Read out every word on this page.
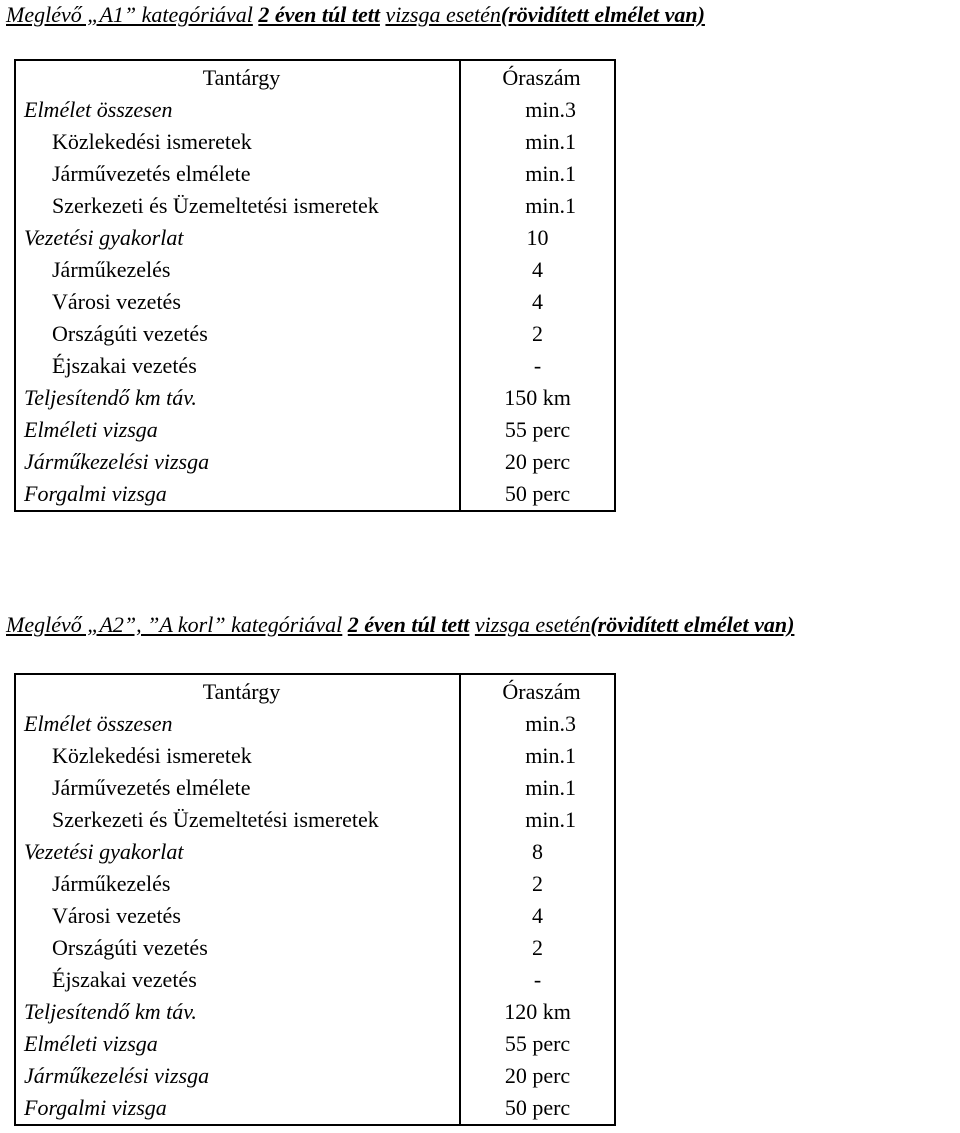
Meglévő „A1” kategóriával 2 éven túl tett vizsga esetén(rövidített elmélet van)
Tantárgy	Óraszám
Elmélet összesen	min.3
Közlekedési ismeretek	min.1
Járművezetés elmélete	min.1
Szerkezeti és Üzemeltetési ismeretek	min.1
Vezetési gyakorlat	10
Járműkezelés	4
Városi vezetés	4
Országúti vezetés	2
Éjszakai vezetés	-
Teljesítendő km táv.	150 km
Elméleti vizsga	55 perc
Járműkezelési vizsga	20 perc
Forgalmi vizsga	50 perc
Meglévő „A2”, ”A korl” kategóriával 2 éven túl tett vizsga esetén(rövidített elmélet van)
Tantárgy	Óraszám
Elmélet összesen	min.3
Közlekedési ismeretek	min.1
Járművezetés elmélete	min.1
Szerkezeti és Üzemeltetési ismeretek	min.1
Vezetési gyakorlat	8
Járműkezelés	2
Városi vezetés	4
Országúti vezetés	2
Éjszakai vezetés	-
Teljesítendő km táv.	120 km
Elméleti vizsga	55 perc
Járműkezelési vizsga	20 perc
Forgalmi vizsga	50 perc
